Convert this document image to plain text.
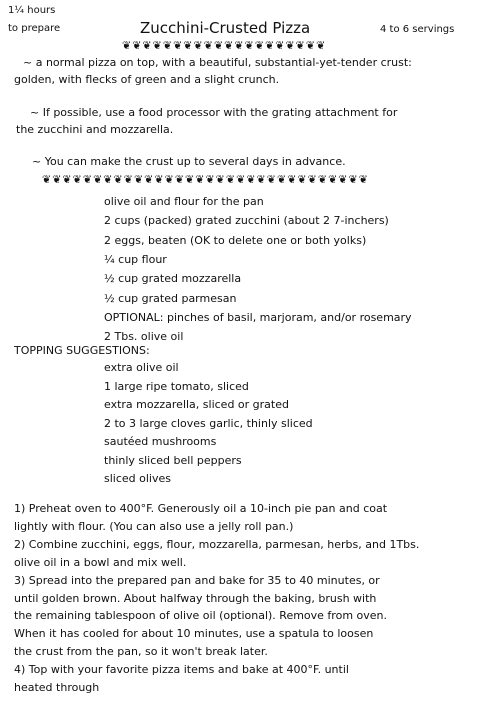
1¼ hours
to prepare	Zucchini-Crusted Pizza	4 to 6 servings
❦❦❦❦❦❦❦❦❦❦❦❦❦❦❦❦❦❦❦❦
~ a normal pizza on top, with a beautiful, substantial-yet-tender crust:
golden, with flecks of green and a slight crunch.
~ If possible, use a food processor with the grating attachment for
the zucchini and mozzarella.
~ You can make the crust up to several days in advance.
❦❦❦❦❦❦❦❦❦❦❦❦❦❦❦❦❦❦❦❦❦❦❦❦❦❦❦❦❦❦❦❦
olive oil and flour for the pan
2 cups (packed) grated zucchini (about 2 7-inchers)
2 eggs, beaten (OK to delete one or both yolks)
¼ cup flour
½ cup grated mozzarella
½ cup grated parmesan
OPTIONAL: pinches of basil, marjoram, and/or rosemary
2 Tbs. olive oil
TOPPING SUGGESTIONS:
extra olive oil
1 large ripe tomato, sliced
extra mozzarella, sliced or grated
2 to 3 large cloves garlic, thinly sliced
sautéed mushrooms
thinly sliced bell peppers
sliced olives
1) Preheat oven to 400°F. Generously oil a 10-inch pie pan and coat
lightly with flour. (You can also use a jelly roll pan.)
2) Combine zucchini, eggs, flour, mozzarella, parmesan, herbs, and 1Tbs.
olive oil in a bowl and mix well.
3) Spread into the prepared pan and bake for 35 to 40 minutes, or
until golden brown. About halfway through the baking, brush with
the remaining tablespoon of olive oil (optional). Remove from oven.
When it has cooled for about 10 minutes, use a spatula to loosen
the crust from the pan, so it won't break later.
4) Top with your favorite pizza items and bake at 400°F. until
heated through
